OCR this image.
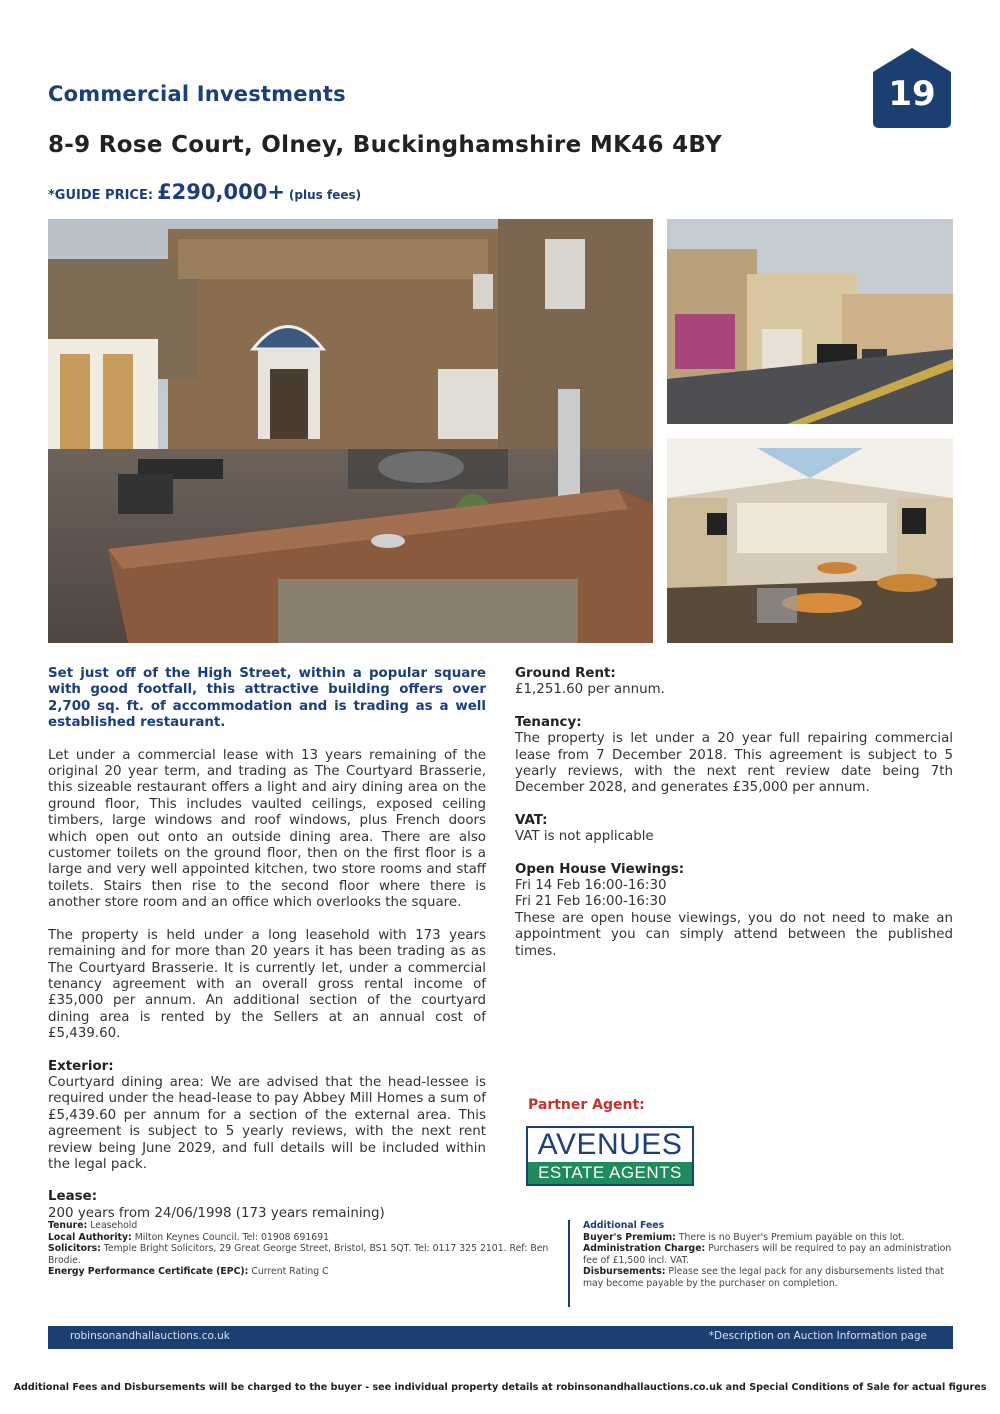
Commercial Investments
8-9 Rose Court, Olney, Buckinghamshire MK46 4BY
*GUIDE PRICE: £290,000+ (plus fees)
19
Set just off of the High Street, within a popular square with good footfall, this attractive building offers over 2,700 sq. ft. of accommodation and is trading as a well established restaurant.
Let under a commercial lease with 13 years remaining of the original 20 year term, and trading as The Courtyard Brasserie, this sizeable restaurant offers a light and airy dining area on the ground floor, This includes vaulted ceilings, exposed ceiling timbers, large windows and roof windows, plus French doors which open out onto an outside dining area. There are also customer toilets on the ground floor, then on the first floor is a large and very well appointed kitchen, two store rooms and staff toilets. Stairs then rise to the second floor where there is another store room and an office which overlooks the square.
The property is held under a long leasehold with 173 years remaining and for more than 20 years it has been trading as as The Courtyard Brasserie. It is currently let, under a commercial tenancy agreement with an overall gross rental income of £35,000 per annum. An additional section of the courtyard dining area is rented by the Sellers at an annual cost of £5,439.60.
Exterior:
Courtyard dining area: We are advised that the head-lessee is required under the head-lease to pay Abbey Mill Homes a sum of £5,439.60 per annum for a section of the external area. This agreement is subject to 5 yearly reviews, with the next rent review being June 2029, and full details will be included within the legal pack.
Lease:
200 years from 24/06/1998 (173 years remaining)
Ground Rent:
£1,251.60 per annum.
Tenancy:
The property is let under a 20 year full repairing commercial lease from 7 December 2018. This agreement is subject to 5 yearly reviews, with the next rent review date being 7th December 2028, and generates £35,000 per annum.
VAT:
VAT is not applicable
Open House Viewings:
Fri 14 Feb 16:00-16:30
Fri 21 Feb 16:00-16:30
These are open house viewings, you do not need to make an appointment you can simply attend between the published times.
Partner Agent:
AVENUES
ESTATE AGENTS
Tenure: Leasehold
Local Authority: Milton Keynes Council. Tel: 01908 691691
Solicitors: Temple Bright Solicitors, 29 Great George Street, Bristol, BS1 5QT. Tel: 0117 325 2101. Ref: Ben Brodie.
Energy Performance Certificate (EPC): Current Rating C
Additional Fees
Buyer's Premium: There is no Buyer's Premium payable on this lot.
Administration Charge: Purchasers will be required to pay an administration fee of £1,500 incl. VAT.
Disbursements: Please see the legal pack for any disbursements listed that may become payable by the purchaser on completion.
robinsonandhallauctions.co.uk	*Description on Auction Information page
Additional Fees and Disbursements will be charged to the buyer - see individual property details at robinsonandhallauctions.co.uk and Special Conditions of Sale for actual figures
